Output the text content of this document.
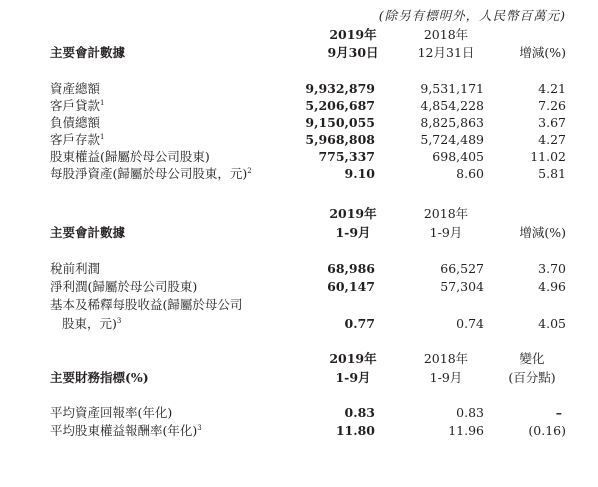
(除另有標明外，人民幣百萬元)
2019年	2018年
主要會計數據	9月30日	12月31日	增減(%)
資產總額	9,932,879	9,531,171	4.21
客戶貸款$^1$	5,206,687	4,854,228	7.26
負債總額	9,150,055	8,825,863	3.67
客戶存款$^1$	5,968,808	5,724,489	4.27
股東權益(歸屬於母公司股東)	775,337	698,405	11.02
每股淨資產(歸屬於母公司股東，元)$^2$	9.10	8.60	5.81
2019年	2018年
主要會計數據	1-9月	1-9月	增減(%)
稅前利潤	68,986	66,527	3.70
淨利潤(歸屬於母公司股東)	60,147	57,304	4.96
基本及稀釋每股收益(歸屬於母公司
股東，元)$^3$	0.77	0.74	4.05
2019年	2018年	變化
主要財務指標(%)	1-9月	1-9月	(百分點)
平均資產回報率(年化)	0.83	0.83	–
平均股東權益報酬率(年化)$^3$	11.80	11.96	(0.16)
